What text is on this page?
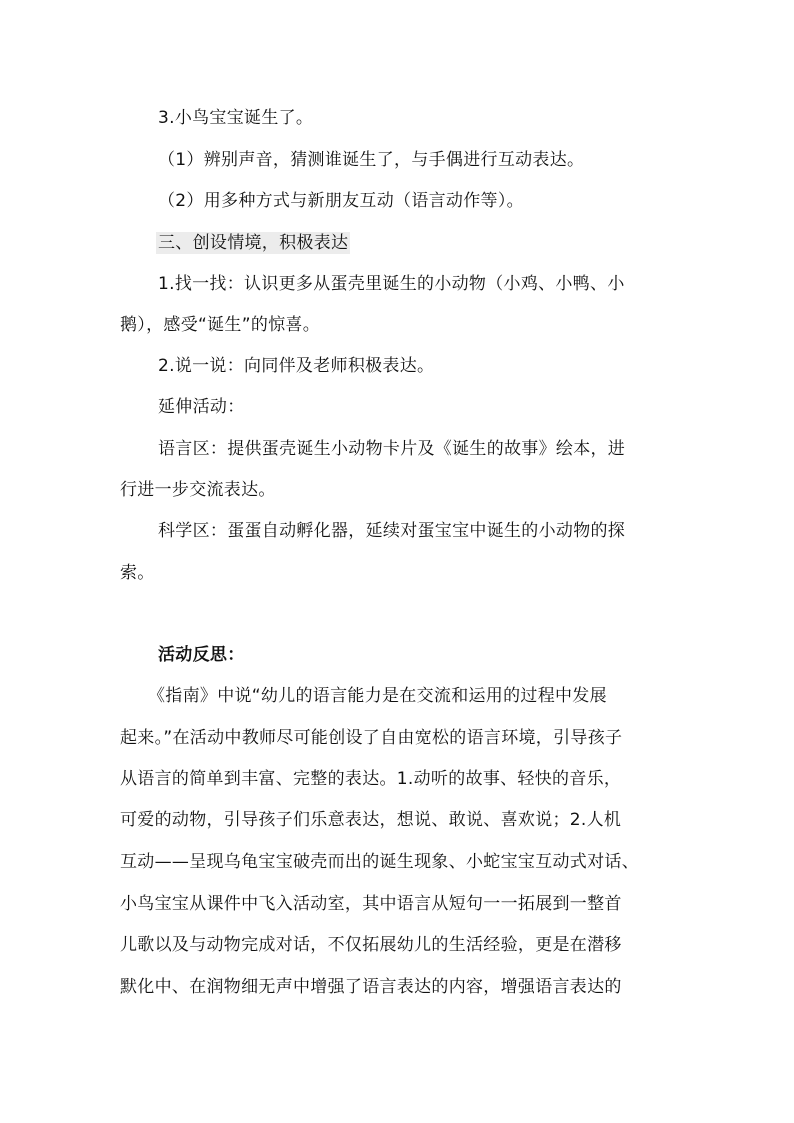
3.小鸟宝宝诞生了。
（1）辨别声音，猜测谁诞生了，与手偶进行互动表达。
（2）用多种方式与新朋友互动（语言动作等）。
三、创设情境，积极表达
1.找一找：认识更多从蛋壳里诞生的小动物（小鸡、小鸭、小
鹅），感受“诞生”的惊喜。
2.说一说：向同伴及老师积极表达。
延伸活动：
语言区：提供蛋壳诞生小动物卡片及《诞生的故事》绘本，进
行进一步交流表达。
科学区：蛋蛋自动孵化器，延续对蛋宝宝中诞生的小动物的探
索。
活动反思：
《指南》中说“幼儿的语言能力是在交流和运用的过程中发展
起来。”在活动中教师尽可能创设了自由宽松的语言环境，引导孩子
从语言的简单到丰富、完整的表达。1.动听的故事、轻快的音乐，
可爱的动物，引导孩子们乐意表达，想说、敢说、喜欢说；2.人机
互动——呈现乌龟宝宝破壳而出的诞生现象、小蛇宝宝互动式对话、
小鸟宝宝从课件中飞入活动室，其中语言从短句一一拓展到一整首
儿歌以及与动物完成对话，不仅拓展幼儿的生活经验，更是在潜移
默化中、在润物细无声中增强了语言表达的内容，增强语言表达的
